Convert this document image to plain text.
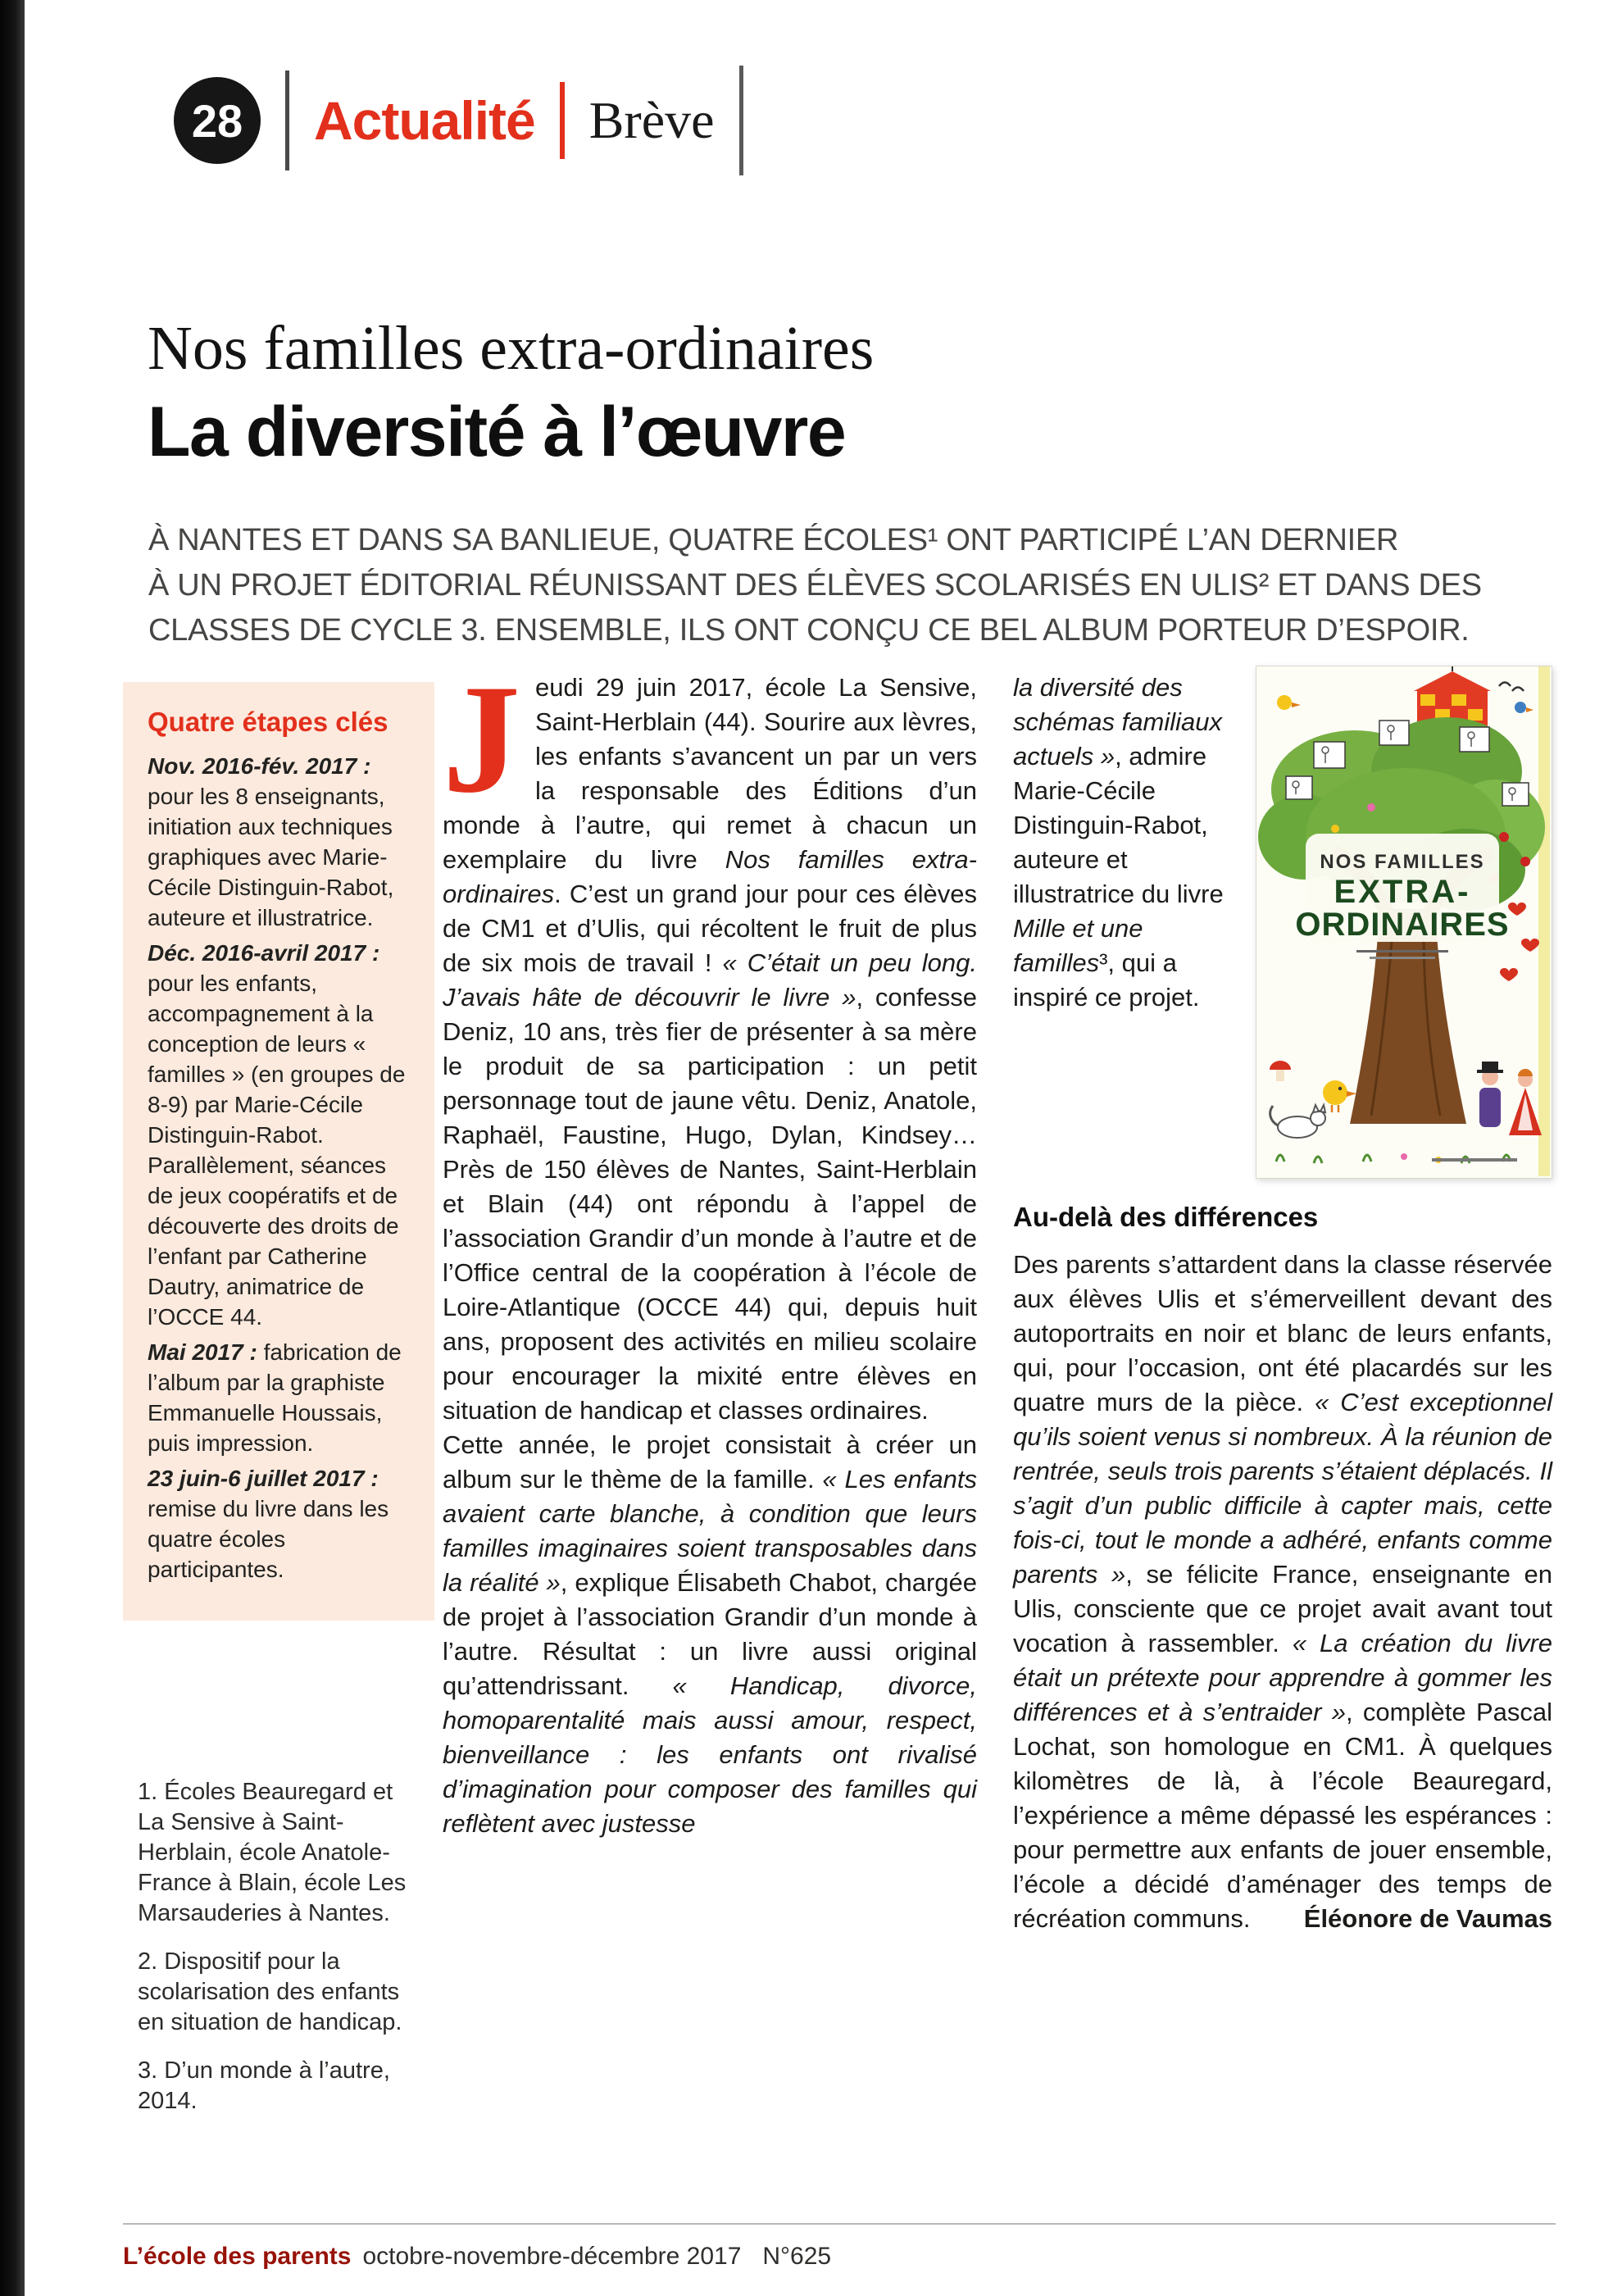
28 Actualité Brève
Nos familles extra-ordinaires
La diversité à l’œuvre
À NANTES ET DANS SA BANLIEUE, QUATRE ÉCOLES¹ ONT PARTICIPÉ L’AN DERNIER
À UN PROJET ÉDITORIAL RÉUNISSANT DES ÉLÈVES SCOLARISÉS EN ULIS² ET DANS DES
CLASSES DE CYCLE 3. ENSEMBLE, ILS ONT CONÇU CE BEL ALBUM PORTEUR D’ESPOIR.
Quatre étapes clés

Nov. 2016-fév. 2017 : pour les 8 enseignants, initiation aux techniques graphiques avec Marie-Cécile Distinguin-Rabot, auteure et illustratrice.

Déc. 2016-avril 2017 : pour les enfants, accompagnement à la conception de leurs « familles » (en groupes de 8-9) par Marie-Cécile Distinguin-Rabot. Parallèlement, séances de jeux coopératifs et de découverte des droits de l’enfant par Catherine Dautry, animatrice de l’OCCE 44.

Mai 2017 : fabrication de l’album par la graphiste Emmanuelle Houssais, puis impression.

23 juin-6 juillet 2017 : remise du livre dans les quatre écoles participantes.

1. Écoles Beauregard et La Sensive à Saint-Herblain, école Anatole-France à Blain, école Les Marsauderies à Nantes.

2. Dispositif pour la scolarisation des enfants en situation de handicap.

3. D’un monde à l’autre, 2014.

Jeudi 29 juin 2017, école La Sensive, Saint-Herblain (44). Sourire aux lèvres, les enfants s’avancent un par un vers la responsable des Éditions d’un monde à l’autre, qui remet à chacun un exemplaire du livre Nos familles extra-ordinaires. C’est un grand jour pour ces élèves de CM1 et d’Ulis, qui récoltent le fruit de plus de six mois de travail ! « C’était un peu long. J’avais hâte de découvrir le livre », confesse Deniz, 10 ans, très fier de présenter à sa mère le produit de sa participation : un petit personnage tout de jaune vêtu. Deniz, Anatole, Raphaël, Faustine, Hugo, Dylan, Kindsey… Près de 150 élèves de Nantes, Saint-Herblain et Blain (44) ont répondu à l’appel de l’association Grandir d’un monde à l’autre et de l’Office central de la coopération à l’école de Loire-Atlantique (OCCE 44) qui, depuis huit ans, proposent des activités en milieu scolaire pour encourager la mixité entre élèves en situation de handicap et classes ordinaires.

Cette année, le projet consistait à créer un album sur le thème de la famille. « Les enfants avaient carte blanche, à condition que leurs familles imaginaires soient transposables dans la réalité », explique Élisabeth Chabot, chargée de projet à l’association Grandir d’un monde à l’autre. Résultat : un livre aussi original qu’attendrissant. « Handicap, divorce, homoparentalité mais aussi amour, respect, bienveillance : les enfants ont rivalisé d’imagination pour composer des familles qui reflètent avec justesse

NOS FAMILLES
EXTRA-
ORDINAIRES

la diversité des schémas familiaux actuels », admire Marie-Cécile Distinguin-Rabot, auteure et illustratrice du livre Mille et une familles³, qui a inspiré ce projet.

Au-delà des différences

Des parents s’attardent dans la classe réservée aux élèves Ulis et s’émerveillent devant des autoportraits en noir et blanc de leurs enfants, qui, pour l’occasion, ont été placardés sur les quatre murs de la pièce. « C’est exceptionnel qu’ils soient venus si nombreux. À la réunion de rentrée, seuls trois parents s’étaient déplacés. Il s’agit d’un public difficile à capter mais, cette fois-ci, tout le monde a adhéré, enfants comme parents », se félicite France, enseignante en Ulis, consciente que ce projet avait avant tout vocation à rassembler. « La création du livre était un prétexte pour apprendre à gommer les différences et à s’entraider », complète Pascal Lochat, son homologue en CM1. À quelques kilomètres de là, à l’école Beauregard, l’expérience a même dépassé les espérances : pour permettre aux enfants de jouer ensemble, l’école a décidé d’aménager des temps de récréation communs.	Éléonore de Vaumas
L’école des parents octobre-novembre-décembre 2017 N°625
